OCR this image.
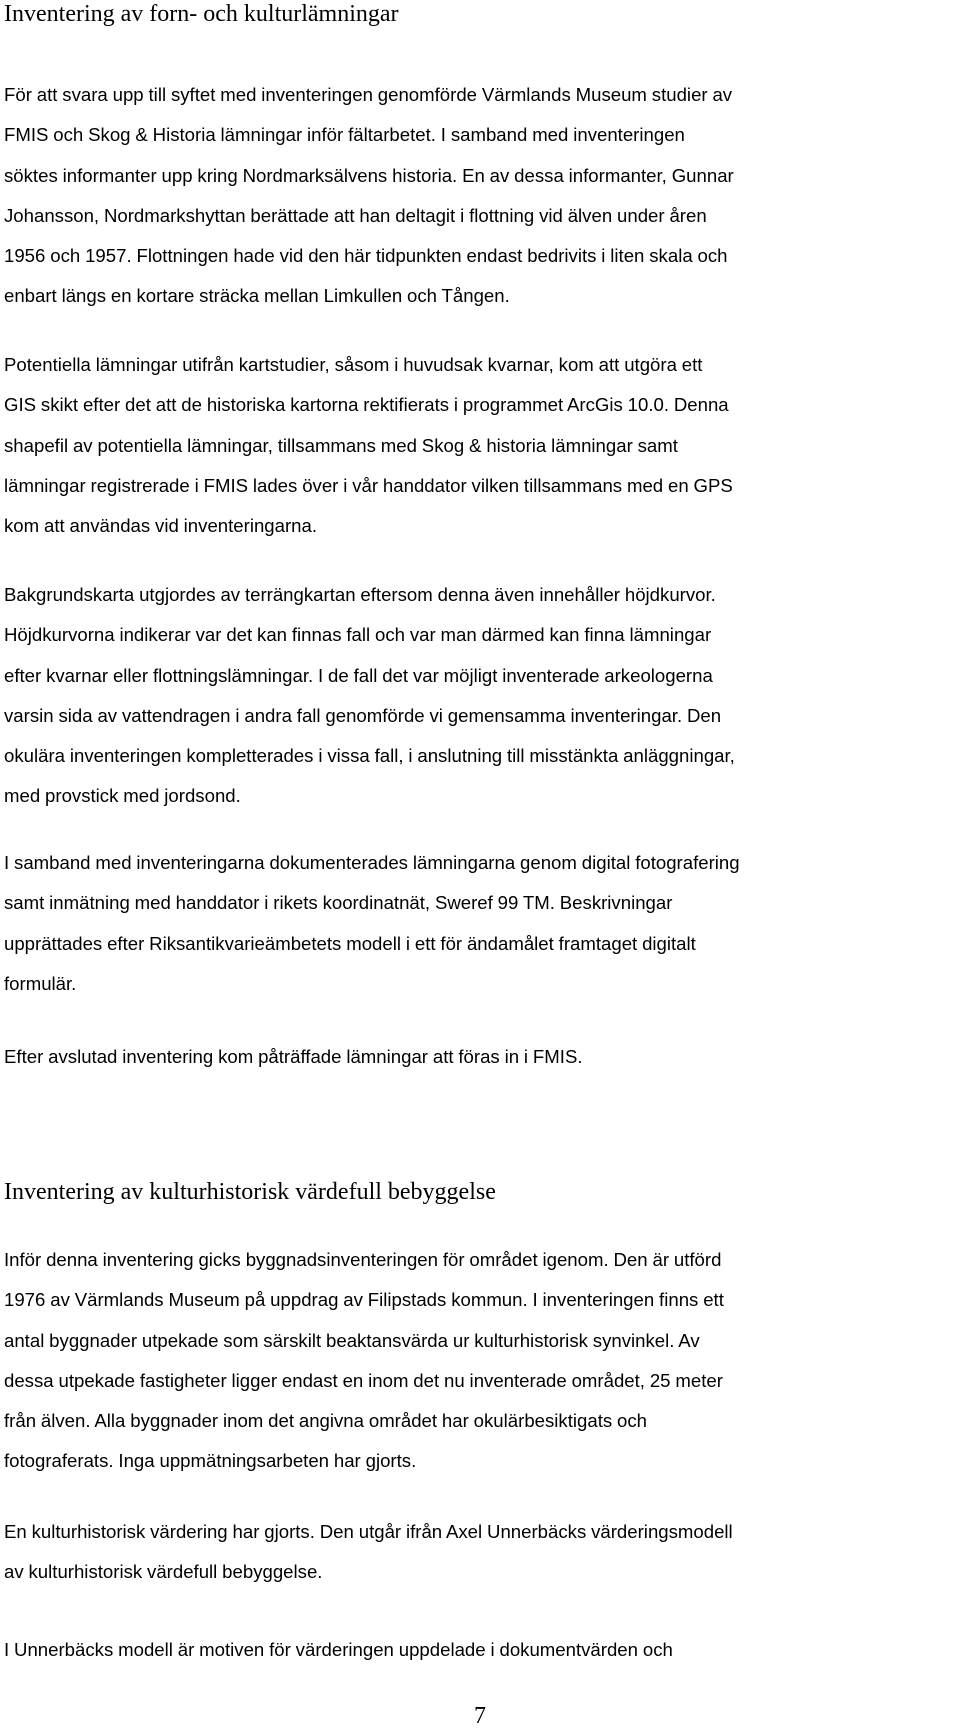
Inventering av forn- och kulturlämningar

För att svara upp till syftet med inventeringen genomförde Värmlands Museum studier av
FMIS och Skog & Historia lämningar inför fältarbetet. I samband med inventeringen
söktes informanter upp kring Nordmarksälvens historia. En av dessa informanter, Gunnar
Johansson, Nordmarkshyttan berättade att han deltagit i flottning vid älven under åren
1956 och 1957. Flottningen hade vid den här tidpunkten endast bedrivits i liten skala och
enbart längs en kortare sträcka mellan Limkullen och Tången.

Potentiella lämningar utifrån kartstudier, såsom i huvudsak kvarnar, kom att utgöra ett
GIS skikt efter det att de historiska kartorna rektifierats i programmet ArcGis 10.0. Denna
shapefil av potentiella lämningar, tillsammans med Skog & historia lämningar samt
lämningar registrerade i FMIS lades över i vår handdator vilken tillsammans med en GPS
kom att användas vid inventeringarna.

Bakgrundskarta utgjordes av terrängkartan eftersom denna även innehåller höjdkurvor.
Höjdkurvorna indikerar var det kan finnas fall och var man därmed kan finna lämningar
efter kvarnar eller flottningslämningar. I de fall det var möjligt inventerade arkeologerna
varsin sida av vattendragen i andra fall genomförde vi gemensamma inventeringar. Den
okulära inventeringen kompletterades i vissa fall, i anslutning till misstänkta anläggningar,
med provstick med jordsond.

I samband med inventeringarna dokumenterades lämningarna genom digital fotografering
samt inmätning med handdator i rikets koordinatnät, Sweref 99 TM. Beskrivningar
upprättades efter Riksantikvarieämbetets modell i ett för ändamålet framtaget digitalt
formulär.

Efter avslutad inventering kom påträffade lämningar att föras in i FMIS.

Inventering av kulturhistorisk värdefull bebyggelse

Inför denna inventering gicks byggnadsinventeringen för området igenom. Den är utförd
1976 av Värmlands Museum på uppdrag av Filipstads kommun. I inventeringen finns ett
antal byggnader utpekade som särskilt beaktansvärda ur kulturhistorisk synvinkel. Av
dessa utpekade fastigheter ligger endast en inom det nu inventerade området, 25 meter
från älven. Alla byggnader inom det angivna området har okulärbesiktigats och
fotograferats. Inga uppmätningsarbeten har gjorts.

En kulturhistorisk värdering har gjorts. Den utgår ifrån Axel Unnerbäcks värderingsmodell
av kulturhistorisk värdefull bebyggelse.

I Unnerbäcks modell är motiven för värderingen uppdelade i dokumentvärden och

7
